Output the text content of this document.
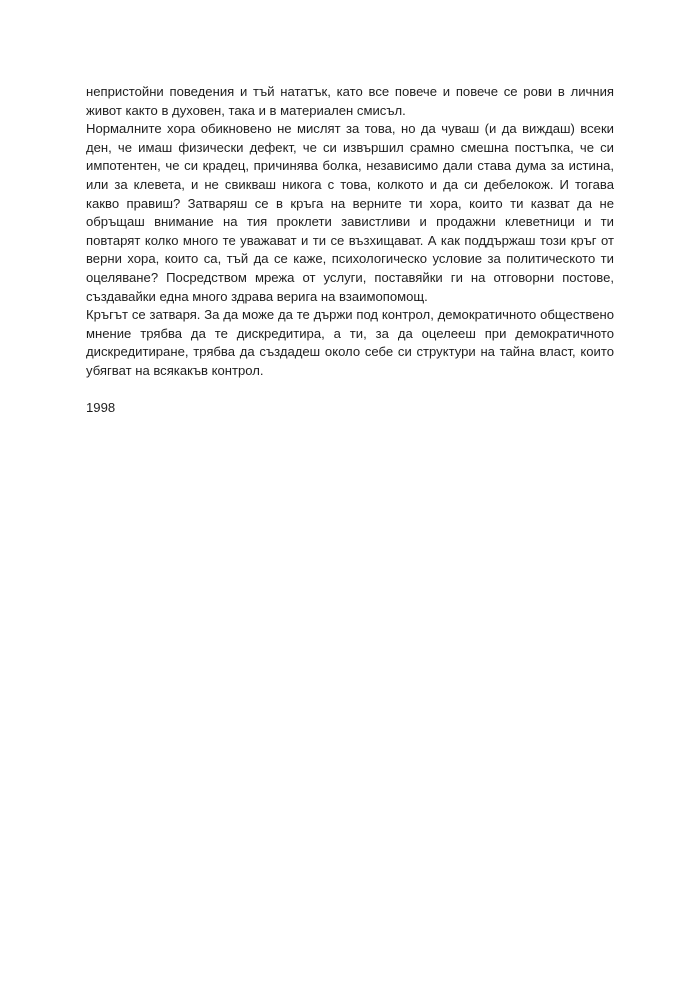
непристойни поведения и тъй нататък, като все повече и повече се рови в личния живот както в духовен, така и в материален смисъл.

Нормалните хора обикновено не мислят за това, но да чуваш (и да виждаш) всеки ден, че имаш физически дефект, че си извършил срамно смешна постъпка, че си импотентен, че си крадец, причинява болка, независимо дали става дума за истина, или за клевета, и не свикваш никога с това, колкото и да си дебелокож. И тогава какво правиш? Затваряш се в кръга на верните ти хора, които ти казват да не обръщаш внимание на тия проклети завистливи и продажни клеветници и ти повтарят колко много те уважават и ти се възхищават. А как поддържаш този кръг от верни хора, които са, тъй да се каже, психологическо условие за политическото ти оцеляване? Посредством мрежа от услуги, поставяйки ги на отговорни постове, създавайки една много здрава верига на взаимопомощ.

Кръгът се затваря. За да може да те държи под контрол, демократичното обществено мнение трябва да те дискредитира, а ти, за да оцелееш при демократичното дискредитиране, трябва да създадеш около себе си структури на тайна власт, които убягват на всякакъв контрол.

1998
